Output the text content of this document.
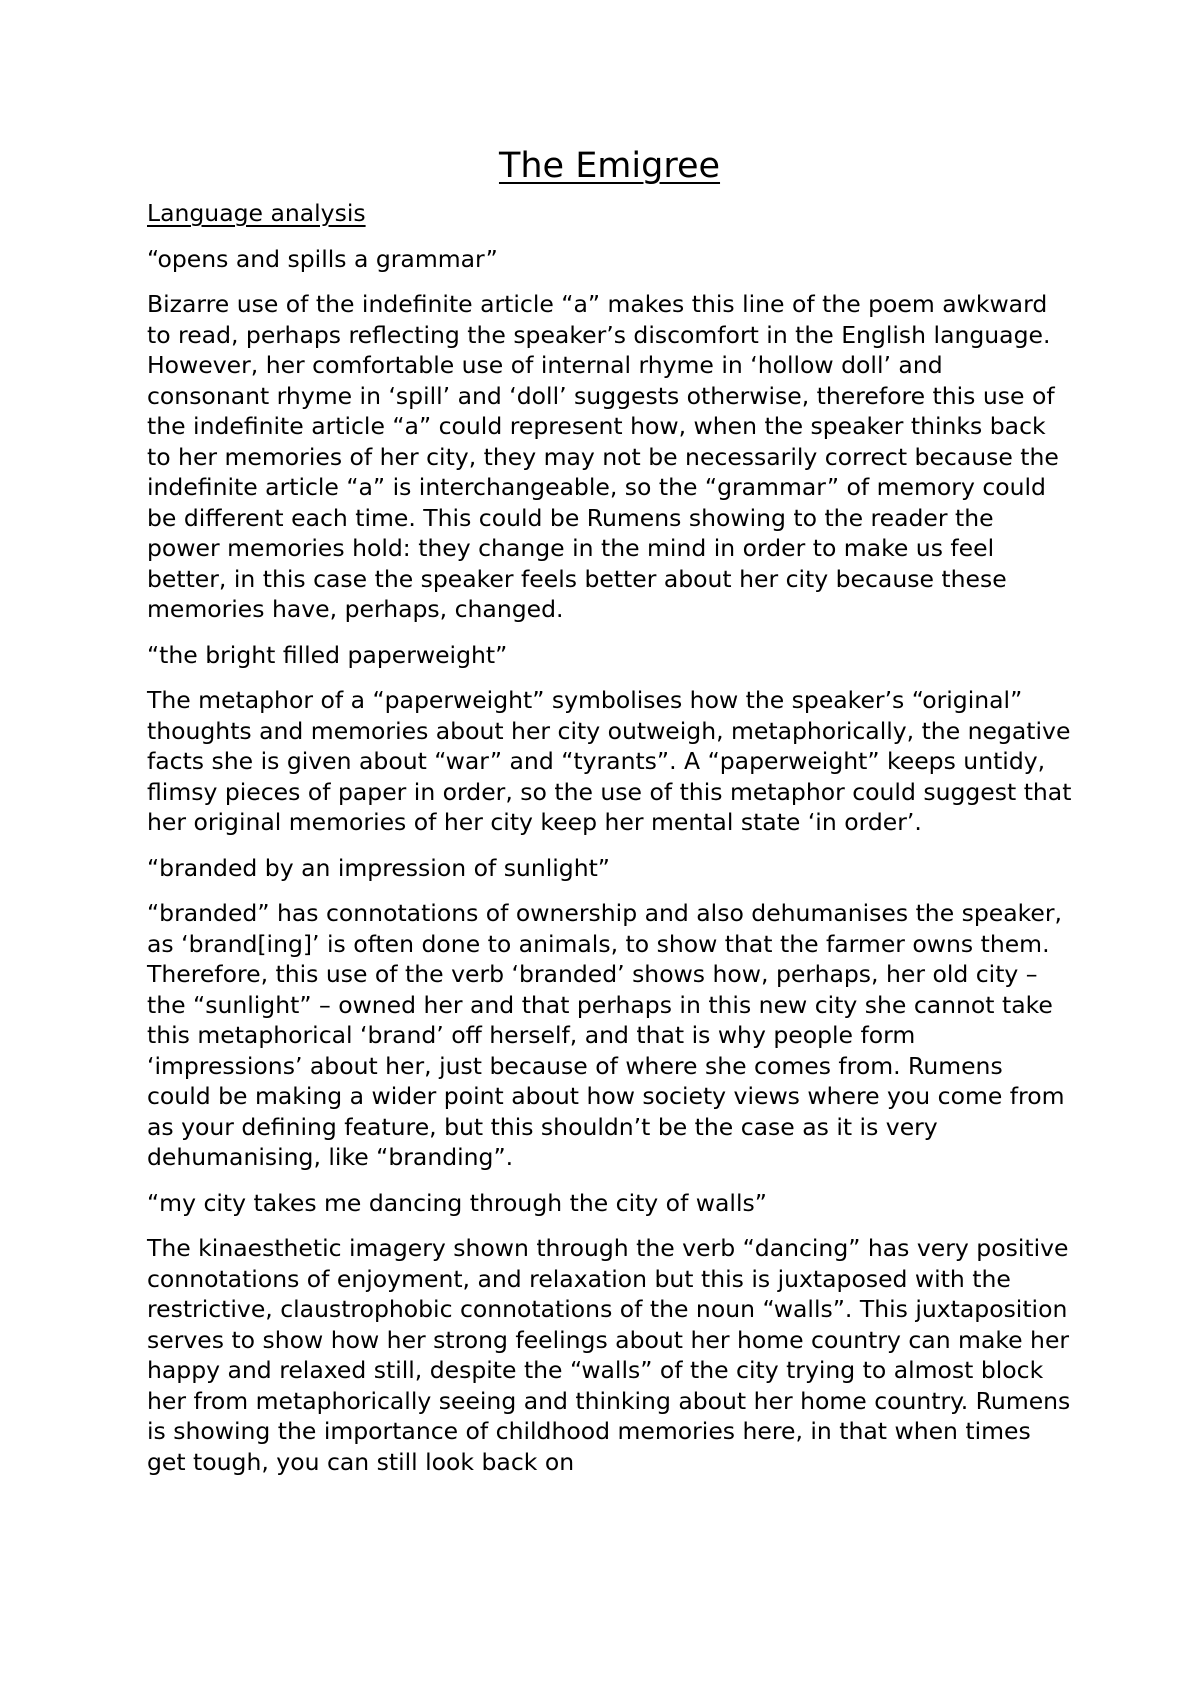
The Emigree
Language analysis

“opens and spills a grammar”

Bizarre use of the indefinite article “a” makes this line of the poem awkward to read, perhaps reflecting the speaker’s discomfort in the English language. However, her comfortable use of internal rhyme in ‘hollow doll’ and consonant rhyme in ‘spill’ and ‘doll’ suggests otherwise, therefore this use of the indefinite article “a” could represent how, when the speaker thinks back to her memories of her city, they may not be necessarily correct because the indefinite article “a” is interchangeable, so the “grammar” of memory could be different each time. This could be Rumens showing to the reader the power memories hold: they change in the mind in order to make us feel better, in this case the speaker feels better about her city because these memories have, perhaps, changed.

“the bright filled paperweight”

The metaphor of a “paperweight” symbolises how the speaker’s “original” thoughts and memories about her city outweigh, metaphorically, the negative facts she is given about “war” and “tyrants”. A “paperweight” keeps untidy, flimsy pieces of paper in order, so the use of this metaphor could suggest that her original memories of her city keep her mental state ‘in order’.

“branded by an impression of sunlight”

“branded” has connotations of ownership and also dehumanises the speaker, as ‘brand[ing]’ is often done to animals, to show that the farmer owns them. Therefore, this use of the verb ‘branded’ shows how, perhaps, her old city – the “sunlight” – owned her and that perhaps in this new city she cannot take this metaphorical ‘brand’ off herself, and that is why people form ‘impressions’ about her, just because of where she comes from. Rumens could be making a wider point about how society views where you come from as your defining feature, but this shouldn’t be the case as it is very dehumanising, like “branding”.

“my city takes me dancing through the city of walls”

The kinaesthetic imagery shown through the verb “dancing” has very positive connotations of enjoyment, and relaxation but this is juxtaposed with the restrictive, claustrophobic connotations of the noun “walls”. This juxtaposition serves to show how her strong feelings about her home country can make her happy and relaxed still, despite the “walls” of the city trying to almost block her from metaphorically seeing and thinking about her home country. Rumens is showing the importance of childhood memories here, in that when times get tough, you can still look back on
